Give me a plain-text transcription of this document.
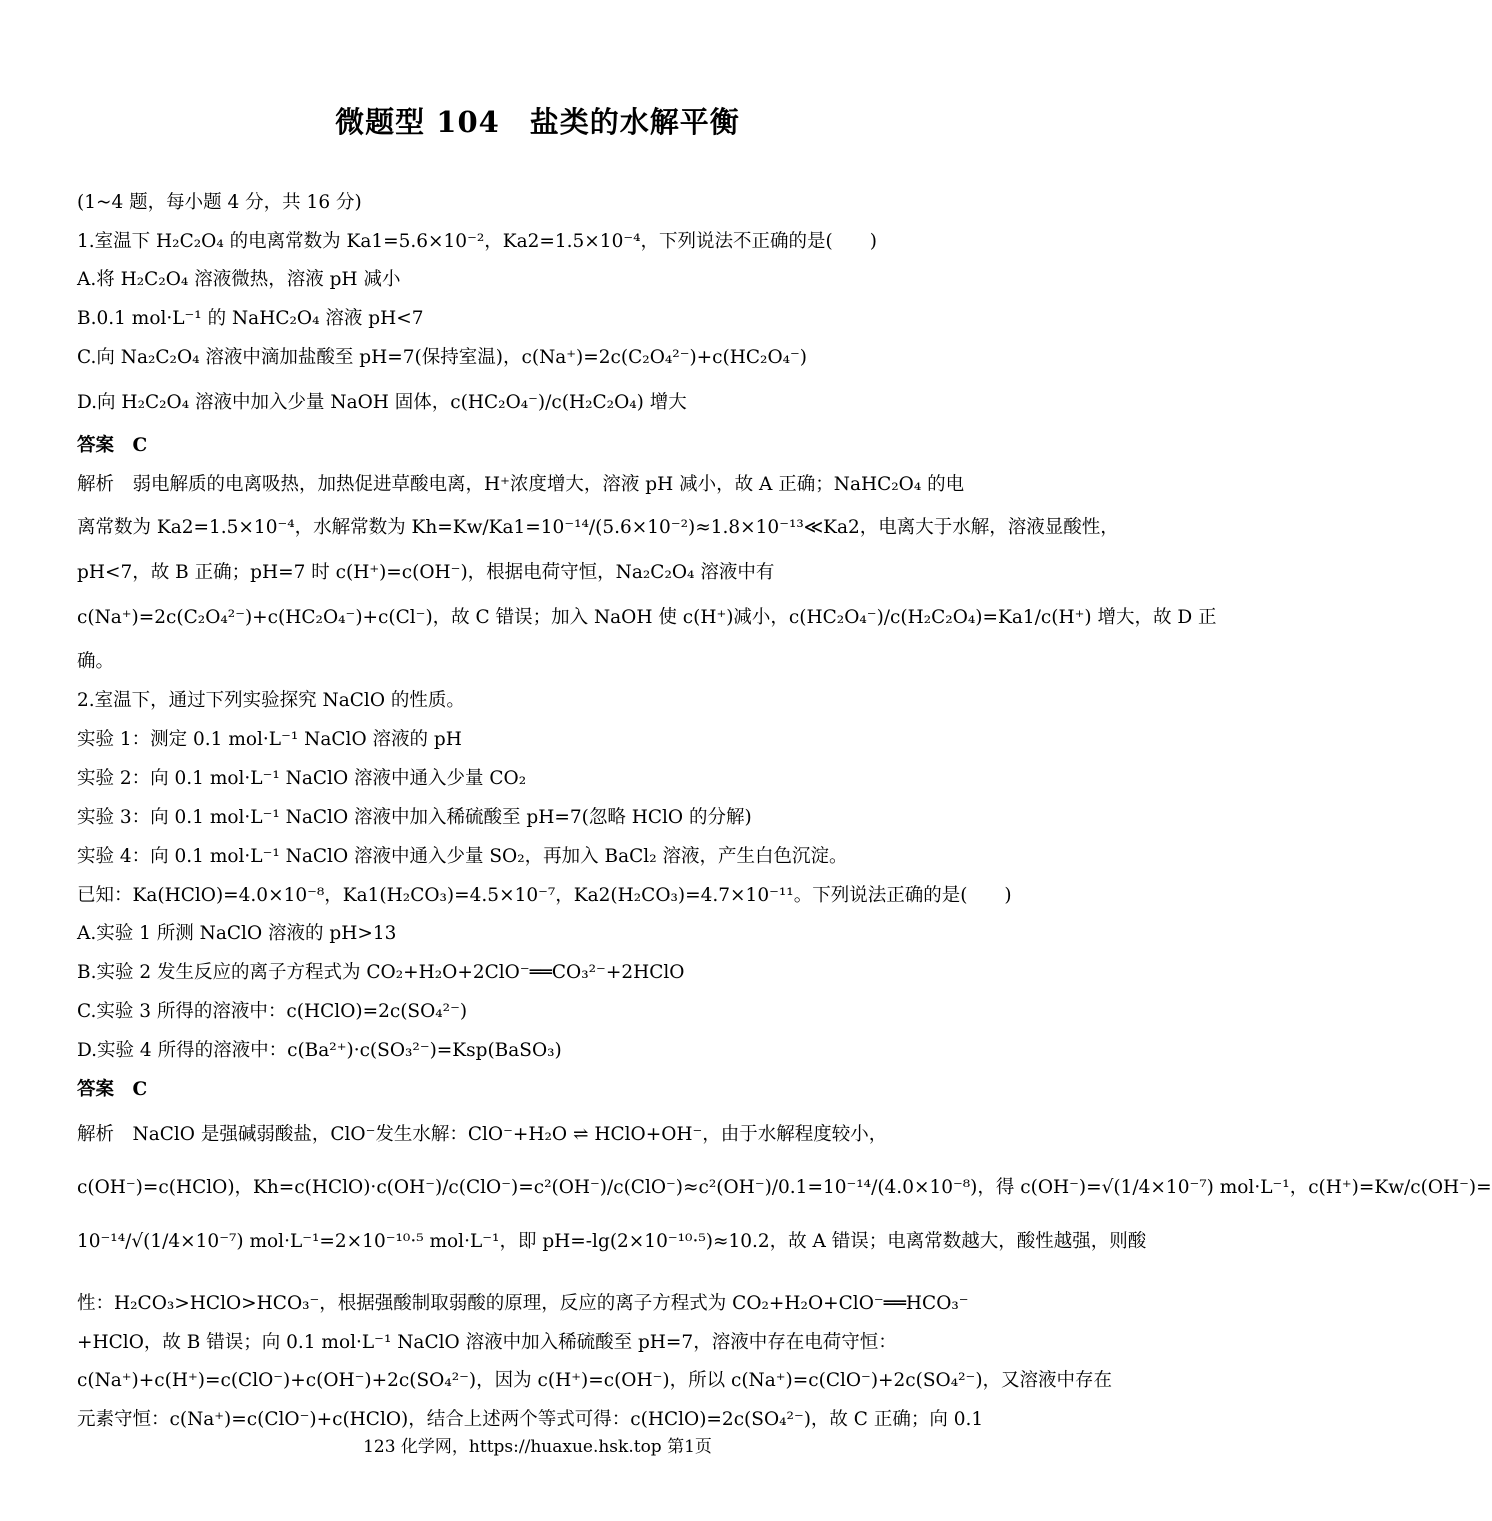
微题型 104　盐类的水解平衡
(1~4 题，每小题 4 分，共 16 分)
1.室温下 H₂C₂O₄ 的电离常数为 Ka1=5.6×10⁻²，Ka2=1.5×10⁻⁴，下列说法不正确的是(　　)
A.将 H₂C₂O₄ 溶液微热，溶液 pH 减小
B.0.1 mol·L⁻¹ 的 NaHC₂O₄ 溶液 pH<7
C.向 Na₂C₂O₄ 溶液中滴加盐酸至 pH=7(保持室温)，c(Na⁺)=2c(C₂O₄²⁻)+c(HC₂O₄⁻)
D.向 H₂C₂O₄ 溶液中加入少量 NaOH 固体，c(HC₂O₄⁻)/c(H₂C₂O₄) 增大
答案　C
解析　弱电解质的电离吸热，加热促进草酸电离，H⁺浓度增大，溶液 pH 减小，故 A 正确；NaHC₂O₄ 的电
离常数为 Ka2=1.5×10⁻⁴，水解常数为 Kh=Kw/Ka1=10⁻¹⁴/(5.6×10⁻²)≈1.8×10⁻¹³≪Ka2，电离大于水解，溶液显酸性，
pH<7，故 B 正确；pH=7 时 c(H⁺)=c(OH⁻)，根据电荷守恒，Na₂C₂O₄ 溶液中有
c(Na⁺)=2c(C₂O₄²⁻)+c(HC₂O₄⁻)+c(Cl⁻)，故 C 错误；加入 NaOH 使 c(H⁺)减小，c(HC₂O₄⁻)/c(H₂C₂O₄)=Ka1/c(H⁺) 增大，故 D 正
确。
2.室温下，通过下列实验探究 NaClO 的性质。
实验 1：测定 0.1 mol·L⁻¹ NaClO 溶液的 pH
实验 2：向 0.1 mol·L⁻¹ NaClO 溶液中通入少量 CO₂
实验 3：向 0.1 mol·L⁻¹ NaClO 溶液中加入稀硫酸至 pH=7(忽略 HClO 的分解)
实验 4：向 0.1 mol·L⁻¹ NaClO 溶液中通入少量 SO₂，再加入 BaCl₂ 溶液，产生白色沉淀。
已知：Ka(HClO)=4.0×10⁻⁸，Ka1(H₂CO₃)=4.5×10⁻⁷，Ka2(H₂CO₃)=4.7×10⁻¹¹。下列说法正确的是(　　)
A.实验 1 所测 NaClO 溶液的 pH>13
B.实验 2 发生反应的离子方程式为 CO₂+H₂O+2ClO⁻══CO₃²⁻+2HClO
C.实验 3 所得的溶液中：c(HClO)=2c(SO₄²⁻)
D.实验 4 所得的溶液中：c(Ba²⁺)·c(SO₃²⁻)=Ksp(BaSO₃)
答案　C
解析　NaClO 是强碱弱酸盐，ClO⁻发生水解：ClO⁻+H₂O ⇌ HClO+OH⁻，由于水解程度较小，
c(OH⁻)=c(HClO)，Kh=c(HClO)·c(OH⁻)/c(ClO⁻)=c²(OH⁻)/c(ClO⁻)≈c²(OH⁻)/0.1=10⁻¹⁴/(4.0×10⁻⁸)，得 c(OH⁻)=√(1/4×10⁻⁷) mol·L⁻¹，c(H⁺)=Kw/c(OH⁻)=
10⁻¹⁴/√(1/4×10⁻⁷) mol·L⁻¹=2×10⁻¹⁰·⁵ mol·L⁻¹，即 pH=-lg(2×10⁻¹⁰·⁵)≈10.2，故 A 错误；电离常数越大，酸性越强，则酸
性：H₂CO₃>HClO>HCO₃⁻，根据强酸制取弱酸的原理，反应的离子方程式为 CO₂+H₂O+ClO⁻══HCO₃⁻
+HClO，故 B 错误；向 0.1 mol·L⁻¹ NaClO 溶液中加入稀硫酸至 pH=7，溶液中存在电荷守恒：
c(Na⁺)+c(H⁺)=c(ClO⁻)+c(OH⁻)+2c(SO₄²⁻)，因为 c(H⁺)=c(OH⁻)，所以 c(Na⁺)=c(ClO⁻)+2c(SO₄²⁻)，又溶液中存在
元素守恒：c(Na⁺)=c(ClO⁻)+c(HClO)，结合上述两个等式可得：c(HClO)=2c(SO₄²⁻)，故 C 正确；向 0.1
123 化学网，https://huaxue.hsk.top 第1页
